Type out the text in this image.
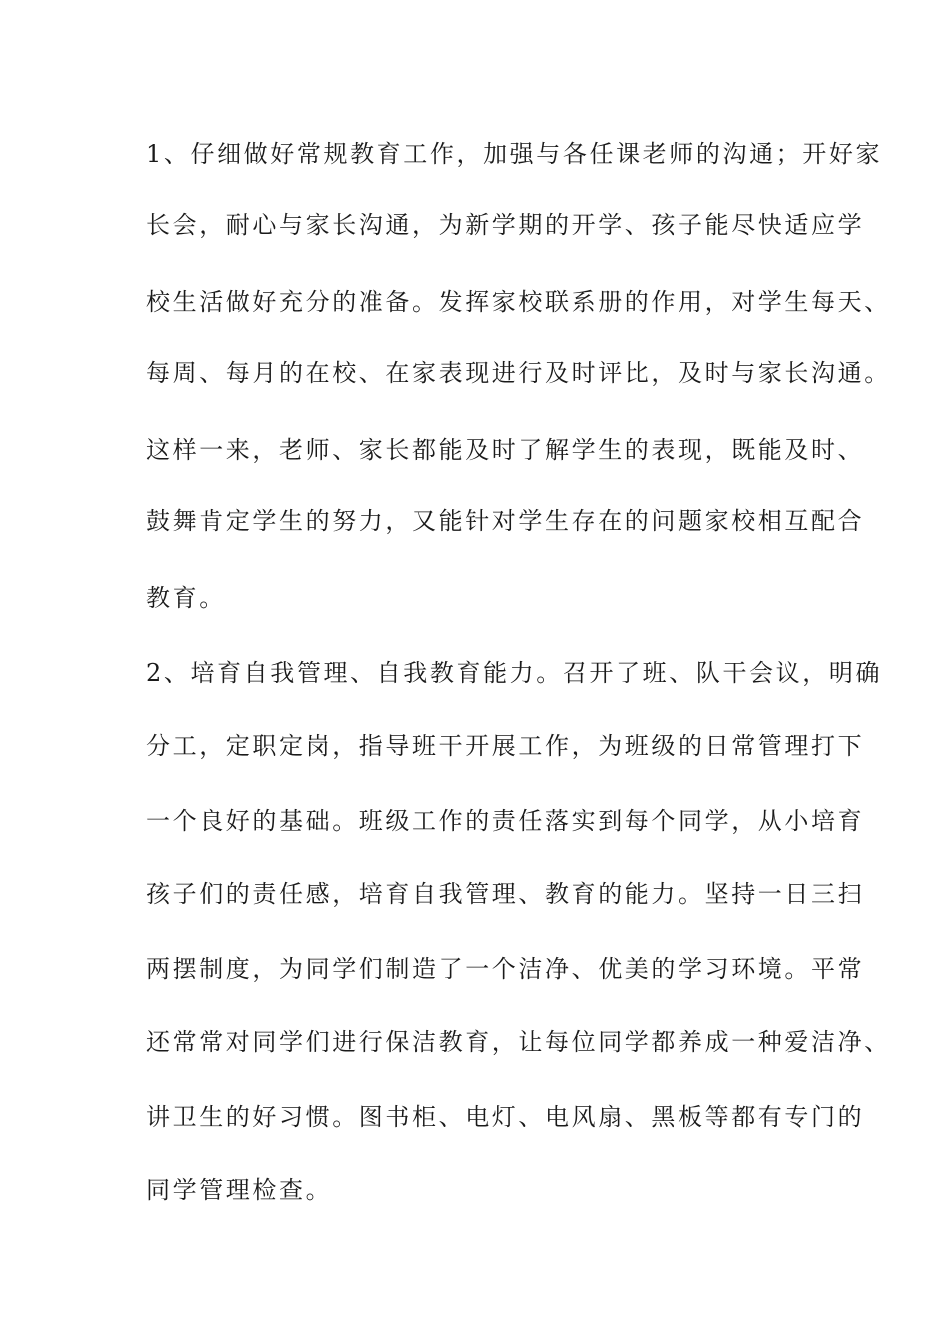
1、仔细做好常规教育工作，加强与各任课老师的沟通；开好家
长会，耐心与家长沟通，为新学期的开学、孩子能尽快适应学
校生活做好充分的准备。发挥家校联系册的作用，对学生每天、
每周、每月的在校、在家表现进行及时评比，及时与家长沟通。
这样一来，老师、家长都能及时了解学生的表现，既能及时、
鼓舞肯定学生的努力，又能针对学生存在的问题家校相互配合
教育。
2、培育自我管理、自我教育能力。召开了班、队干会议，明确
分工，定职定岗，指导班干开展工作，为班级的日常管理打下
一个良好的基础。班级工作的责任落实到每个同学，从小培育
孩子们的责任感，培育自我管理、教育的能力。坚持一日三扫
两摆制度，为同学们制造了一个洁净、优美的学习环境。平常
还常常对同学们进行保洁教育，让每位同学都养成一种爱洁净、
讲卫生的好习惯。图书柜、电灯、电风扇、黑板等都有专门的
同学管理检查。
